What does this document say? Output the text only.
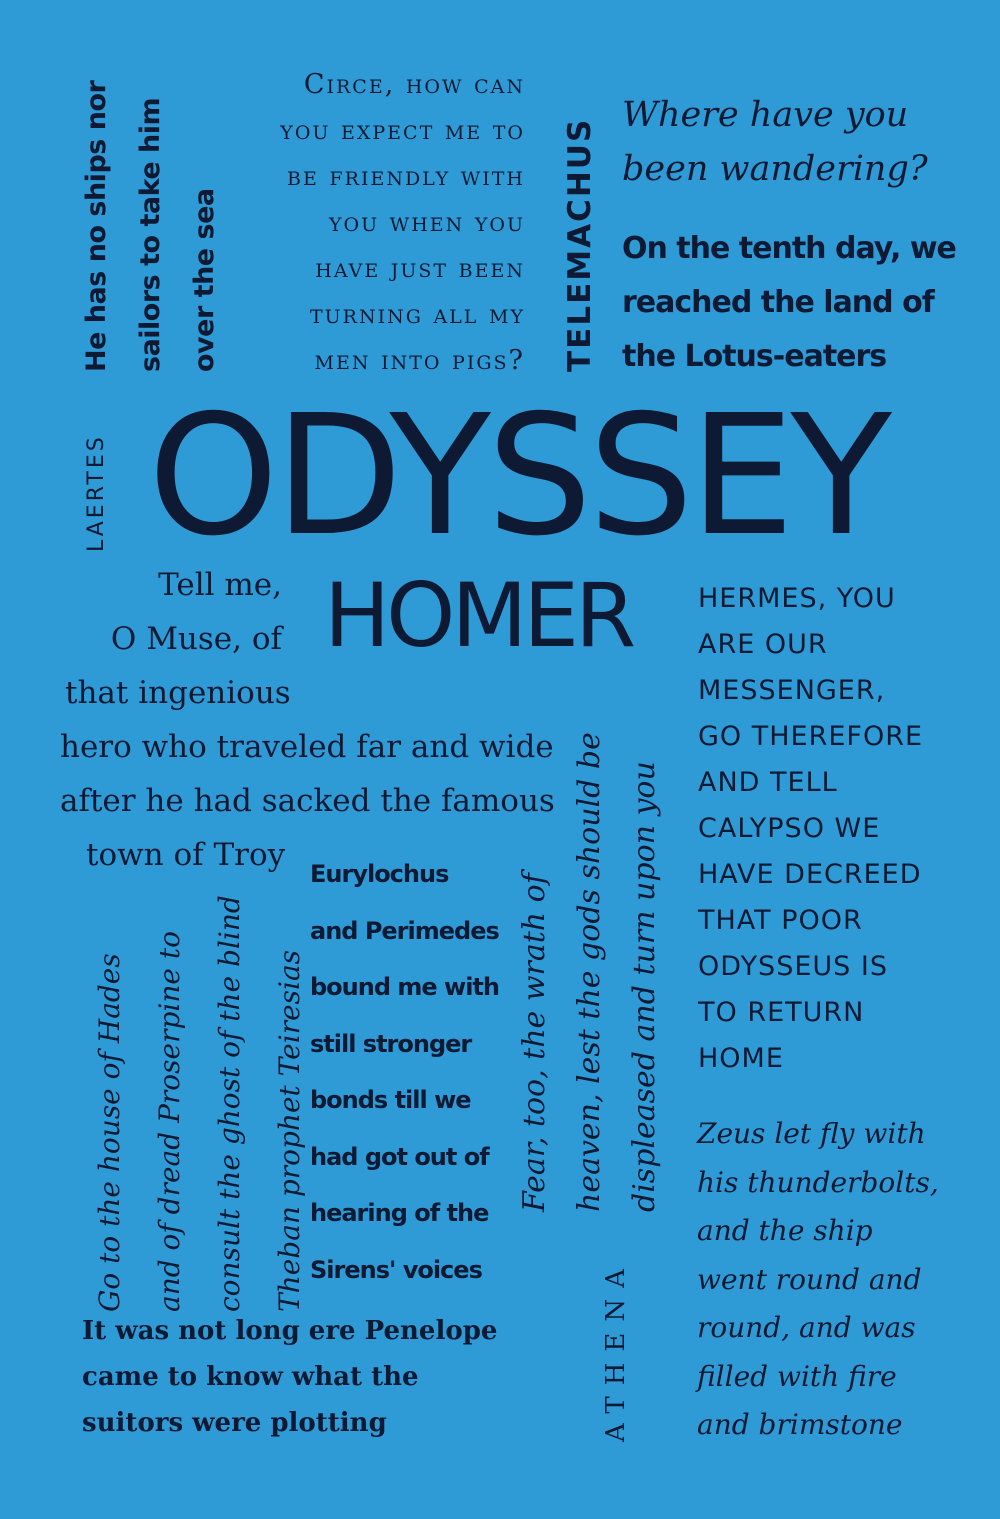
He has no ships nor sailors to take him over the sea
Circe, how can
you expect me to
be friendly with
you when you
have just been
turning all my
men into pigs? TELEMACHUS
Where have you
been wandering?
On the tenth day, we
reached the land of
the Lotus-eaters
LAERTES ODYSSEY
HOMER
Tell me,
O Muse, of
that ingenious
hero who traveled far and wide
after he had sacked the famous
town of Troy
HERMES, YOU
ARE OUR
MESSENGER,
GO THEREFORE
AND TELL
CALYPSO WE
HAVE DECREED
THAT POOR
ODYSSEUS IS
TO RETURN
HOME
Go to the house of Hades and of dread Proserpine to consult the ghost of the blind Theban prophet Teiresias
Eurylochus
and Perimedes
bound me with
still stronger
bonds till we
had got out of
hearing of the
Sirens' voices
Fear, too, the wrath of heaven, lest the gods should be displeased and turn upon you
It was not long ere Penelope
came to know what the
suitors were plotting	ATHENA
Zeus let fly with
his thunderbolts,
and the ship
went round and
round, and was
filled with fire
and brimstone
